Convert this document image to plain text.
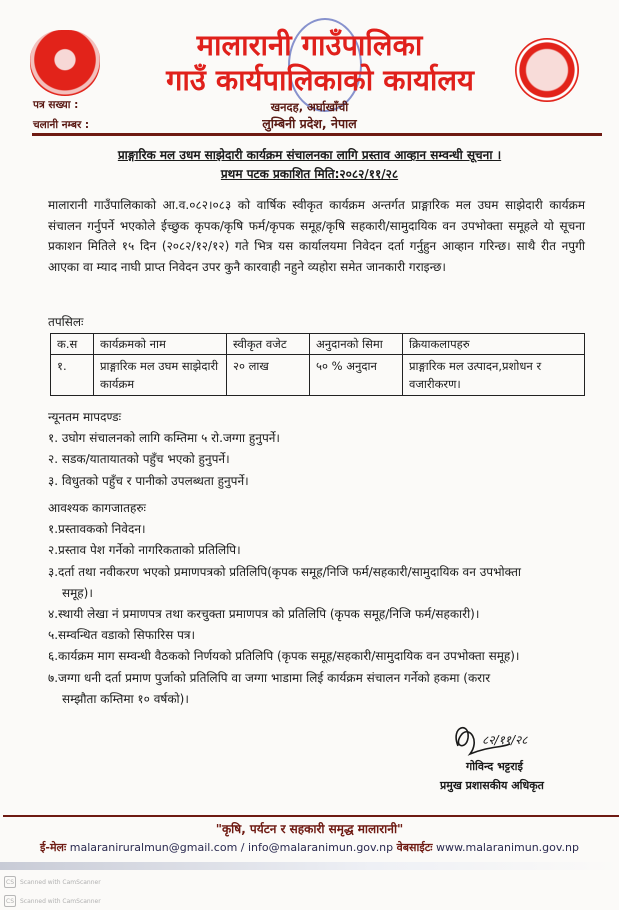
मालारानी गाउँपालिका
गाउँ कार्यपालिकाको कार्यालय
खनदह, अर्घाखाँची
लुम्बिनी प्रदेश, नेपाल
पत्र सख्या :
चलानी नम्बर :
प्राङ्गारिक मल उधम साझेदारी कार्यक्रम संचालनका लागि प्रस्ताव आव्हान सम्वन्धी सूचना ।
प्रथम पटक प्रकाशित मिति:२०८२/११/२८
मालारानी गाउँपालिकाको आ.व.०८२।०८३ को वार्षिक स्वीकृत कार्यक्रम अन्तर्गत प्राङ्गारिक मल उघम साझेदारी कार्यक्रम संचालन गर्नुपर्ने भएकोले ईच्छुक कृपक/कृषि फर्म/कृपक समूह/कृषि सहकारी/सामुदायिक वन उपभोक्ता समूहले यो सूचना प्रकाशन मितिले १५ दिन (२०८२/१२/१२) गते भित्र यस कार्यालयमा निवेदन दर्ता गर्नुहुन आव्हान गरिन्छ। साथै रीत नपुगी आएका वा म्याद नाघी प्राप्त निवेदन उपर कुनै कारवाही नहुने व्यहोरा समेत जानकारी गराइन्छ।
तपसिलः
क.स	कार्यक्रमको नाम	स्वीकृत वजेट	अनुदानको सिमा	क्रियाकलापहरु
१.	प्राङ्गारिक मल उघम साझेदारी कार्यक्रम	२० लाख	५० % अनुदान	प्राङ्गारिक मल उत्पादन,प्रशोधन र वजारीकरण।
न्यूनतम मापदण्डः
१. उघोग संचालनको लागि कम्तिमा ५ रो.जग्गा हुनुपर्ने।
२. सडक/यातायातको पहुँच भएको हुनुपर्ने।
३. विधुतको पहुँच र पानीको उपलब्धता हुनुपर्ने।
आवश्यक कागजातहरुः
१.प्रस्तावकको निवेदन।
२.प्रस्ताव पेश गर्नेको नागरिकताको प्रतिलिपि।
३.दर्ता तथा नवीकरण भएको प्रमाणपत्रको प्रतिलिपि(कृपक समूह/निजि फर्म/सहकारी/सामुदायिक वन उपभोक्ता
समूह)।
४.स्थायी लेखा नं प्रमाणपत्र तथा करचुक्ता प्रमाणपत्र को प्रतिलिपि (कृपक समूह/निजि फर्म/सहकारी)।
५.सम्वन्धित वडाको सिफारिस पत्र।
६.कार्यक्रम माग सम्वन्धी वैठकको निर्णयको प्रतिलिपि (कृपक समूह/सहकारी/सामुदायिक वन उपभोक्ता समूह)।
७.जग्गा धनी दर्ता प्रमाण पुर्जाको प्रतिलिपि वा जग्गा भाडामा लिई कार्यक्रम संचालन गर्नेको हकमा (करार
सम्झौता कम्तिमा १० वर्षको)।
८२/११/२८
गोविन्द भट्टराई
प्रमुख प्रशासकीय अधिकृत
"कृषि, पर्यटन र सहकारी समृद्ध मालारानी"
ई-मेलः malaraniruralmun@gmail.com / info@malaranimun.gov.np वेबसाईटः www.malaranimun.gov.np
CS	Scanned with CamScanner
CS	Scanned with CamScanner
